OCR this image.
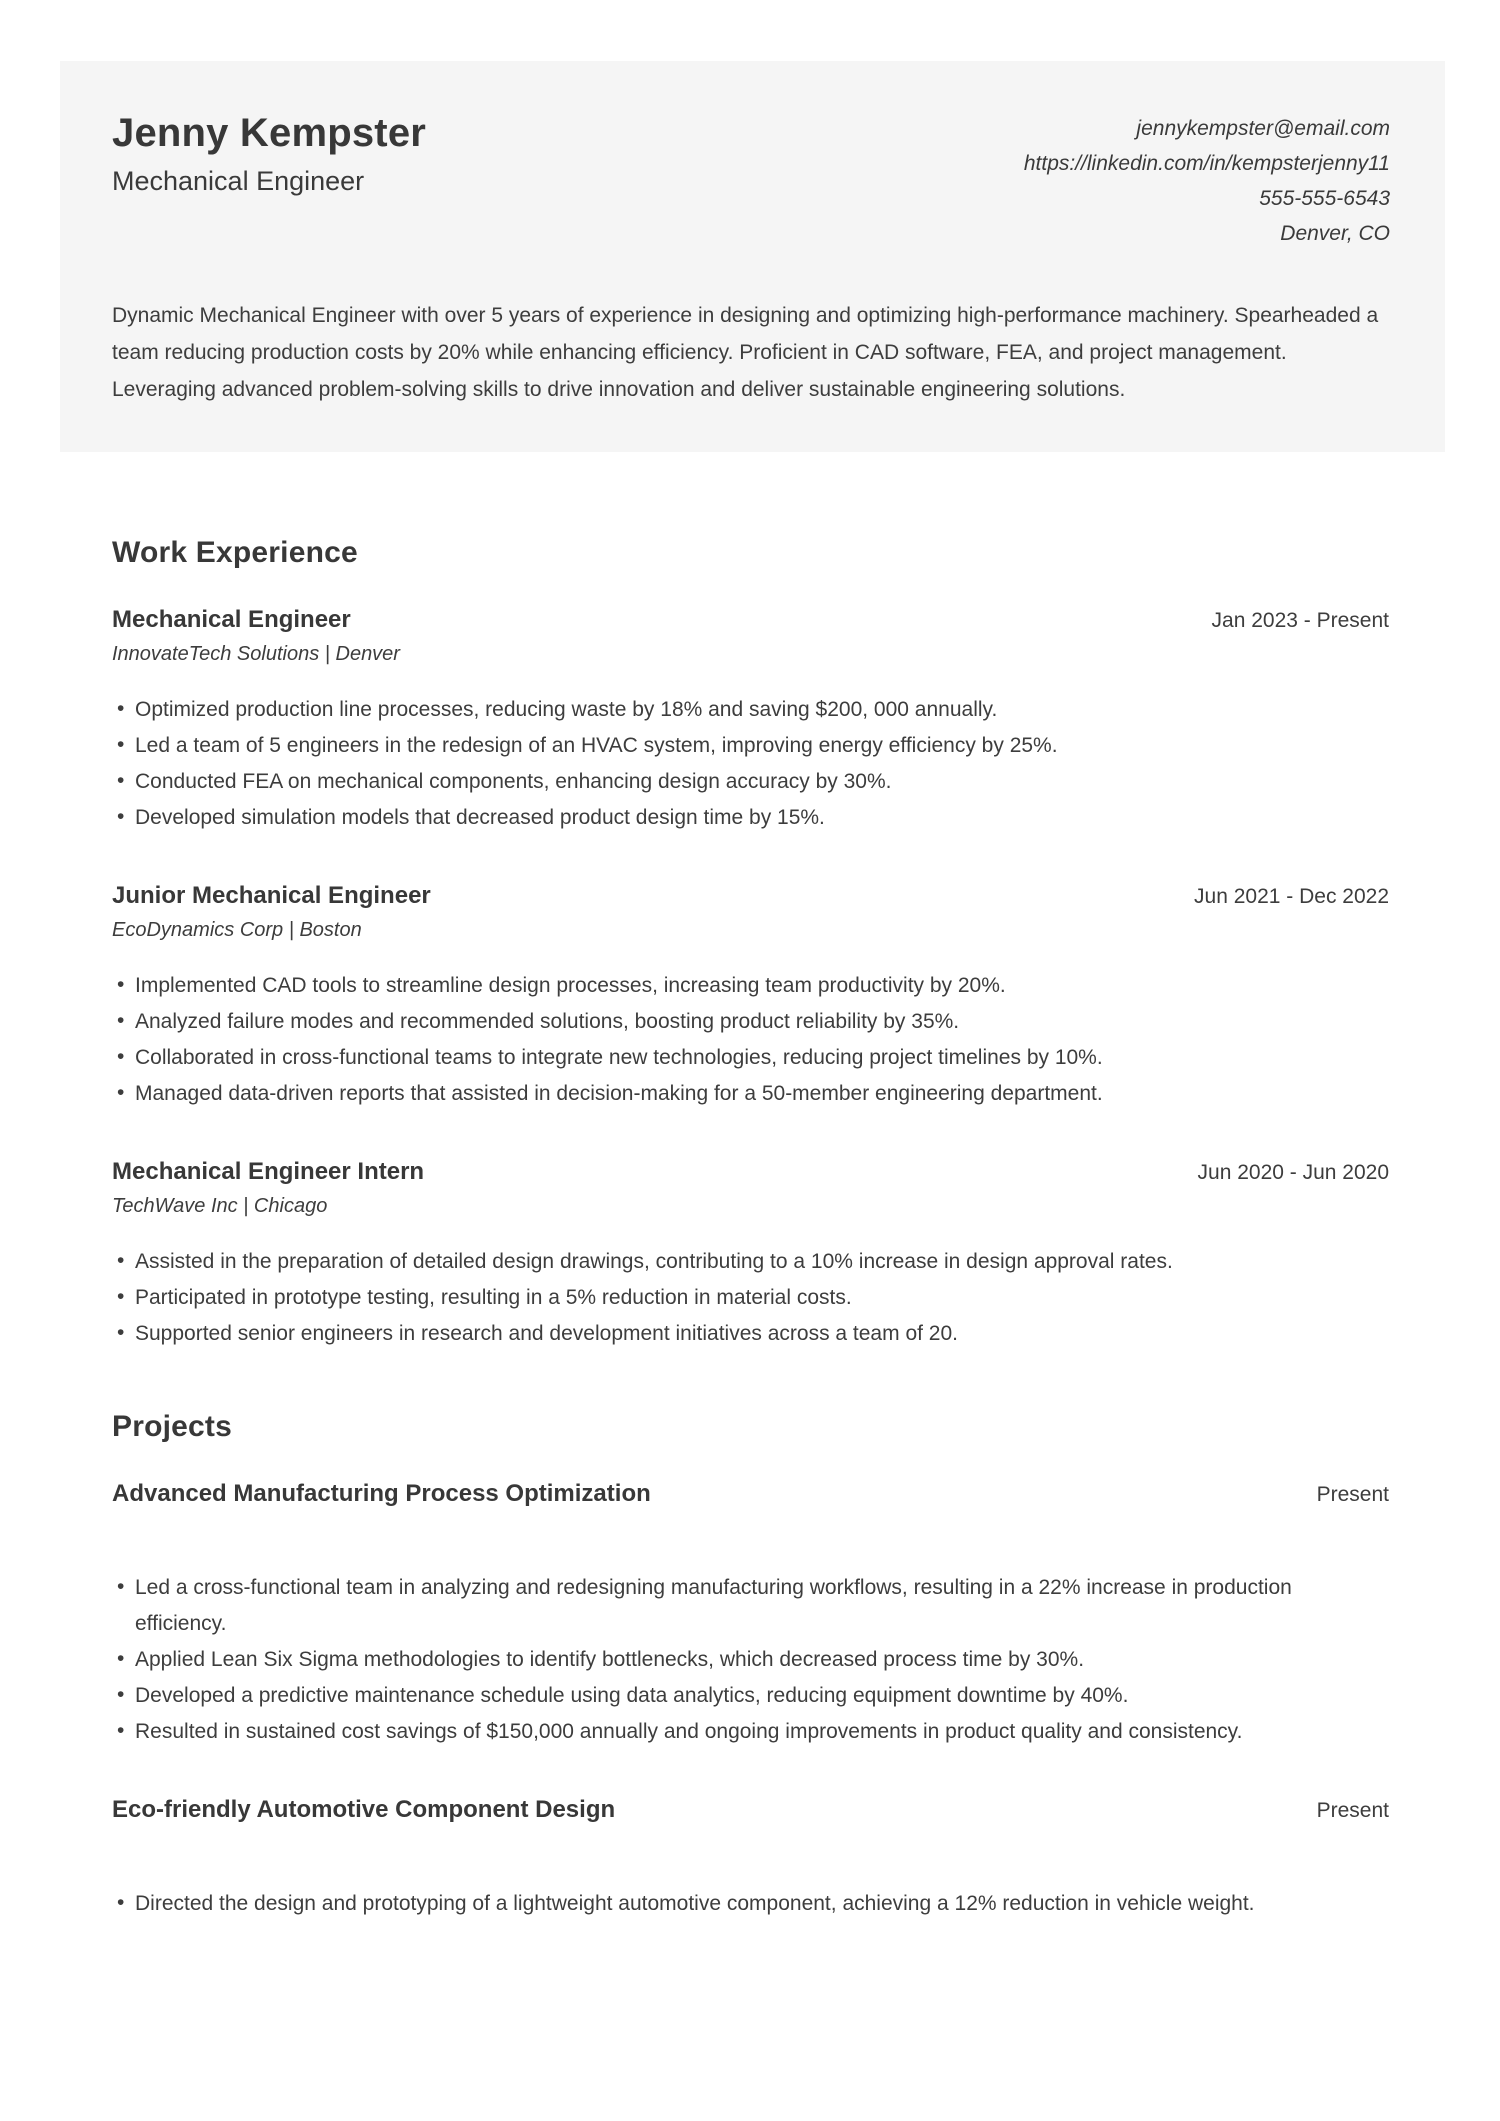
Jenny Kempster
Mechanical Engineer
jennykempster@email.com
https://linkedin.com/in/kempsterjenny11
555-555-6543
Denver, CO

Dynamic Mechanical Engineer with over 5 years of experience in designing and optimizing high-performance machinery. Spearheaded a team reducing production costs by 20% while enhancing efficiency. Proficient in CAD software, FEA, and project management. Leveraging advanced problem-solving skills to drive innovation and deliver sustainable engineering solutions.

Work Experience
Mechanical Engineer
InnovateTech Solutions | Denver
Jan 2023 - Present
• Optimized production line processes, reducing waste by 18% and saving $200, 000 annually.
• Led a team of 5 engineers in the redesign of an HVAC system, improving energy efficiency by 25%.
• Conducted FEA on mechanical components, enhancing design accuracy by 30%.
• Developed simulation models that decreased product design time by 15%.
Junior Mechanical Engineer
EcoDynamics Corp | Boston
Jun 2021 - Dec 2022
• Implemented CAD tools to streamline design processes, increasing team productivity by 20%.
• Analyzed failure modes and recommended solutions, boosting product reliability by 35%.
• Collaborated in cross-functional teams to integrate new technologies, reducing project timelines by 10%.
• Managed data-driven reports that assisted in decision-making for a 50-member engineering department.
Mechanical Engineer Intern
TechWave Inc | Chicago
Jun 2020 - Jun 2020
• Assisted in the preparation of detailed design drawings, contributing to a 10% increase in design approval rates.
• Participated in prototype testing, resulting in a 5% reduction in material costs.
• Supported senior engineers in research and development initiatives across a team of 20.
Projects
Advanced Manufacturing Process Optimization	Present
• Led a cross-functional team in analyzing and redesigning manufacturing workflows, resulting in a 22% increase in production efficiency.
• Applied Lean Six Sigma methodologies to identify bottlenecks, which decreased process time by 30%.
• Developed a predictive maintenance schedule using data analytics, reducing equipment downtime by 40%.
• Resulted in sustained cost savings of $150,000 annually and ongoing improvements in product quality and consistency.
Eco-friendly Automotive Component Design	Present
• Directed the design and prototyping of a lightweight automotive component, achieving a 12% reduction in vehicle weight.
